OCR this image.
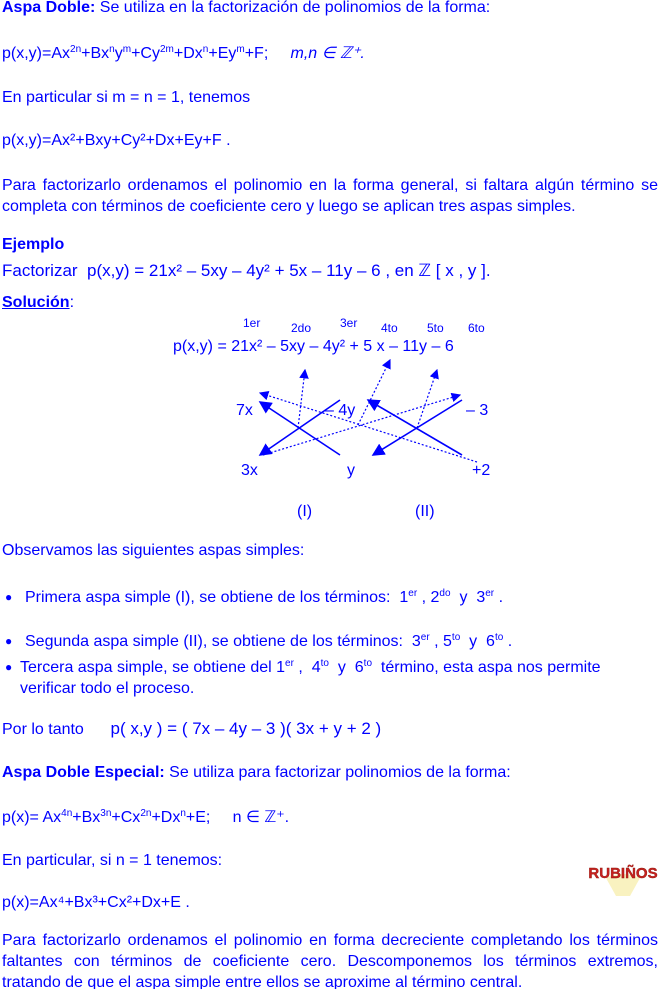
Aspa Doble: Se utiliza en la factorización de polinomios de la forma:
$p(x,y)=Ax^{2n}+Bx^ny^m+Cy^{2m}+Dx^n+Ey^m+F$;     m,n ∈ ℤ⁺.
En particular si m = n = 1, tenemos
p(x,y)=Ax²+Bxy+Cy²+Dx+Ey+F .
Para factorizarlo ordenamos el polinomio en la forma general, si faltara algún término se completa con términos de coeficiente cero y luego se aplican tres aspas simples.
Ejemplo
Factorizar p(x,y) = 21x² – 5xy – 4y² + 5x – 11y – 6 , en ℤ [ x , y ].
Solución:
1er	2do 3er 4to 5to 6to
p(x,y) = 21x² – 5xy – 4y² + 5 x – 11y – 6
7x	– 4y	– 3
3x	y	+2
(I)	(II)
Observamos las siguientes aspas simples:
● Primera aspa simple (I), se obtiene de los términos:  1er , $2^{do}$  y  3er .
● Segunda aspa simple (II), se obtiene de los términos:  3er , $5^{to}$  y  $6^{to}$ .
● Tercera aspa simple, se obtiene del 1er ,  $4^{to}$  y  $6^{to}$  término, esta aspa nos permite
verificar todo el proceso.
Por lo tanto p( x,y ) = ( 7x – 4y – 3 )( 3x + y + 2 )
Aspa Doble Especial: Se utiliza para factorizar polinomios de la forma:
$p(x)= Ax^{4n}+Bx^{3n}+Cx^{2n}+Dx^n+E$;     n ∈ ℤ⁺.
En particular, si n = 1 tenemos:
p(x)=Ax⁴+Bx³+Cx²+Dx+E .
Para factorizarlo ordenamos el polinomio en forma decreciente completando los términos faltantes con términos de coeficiente cero. Descomponemos los términos extremos, tratando de que el aspa simple entre ellos se aproxime al término central.
RUBIÑOS
